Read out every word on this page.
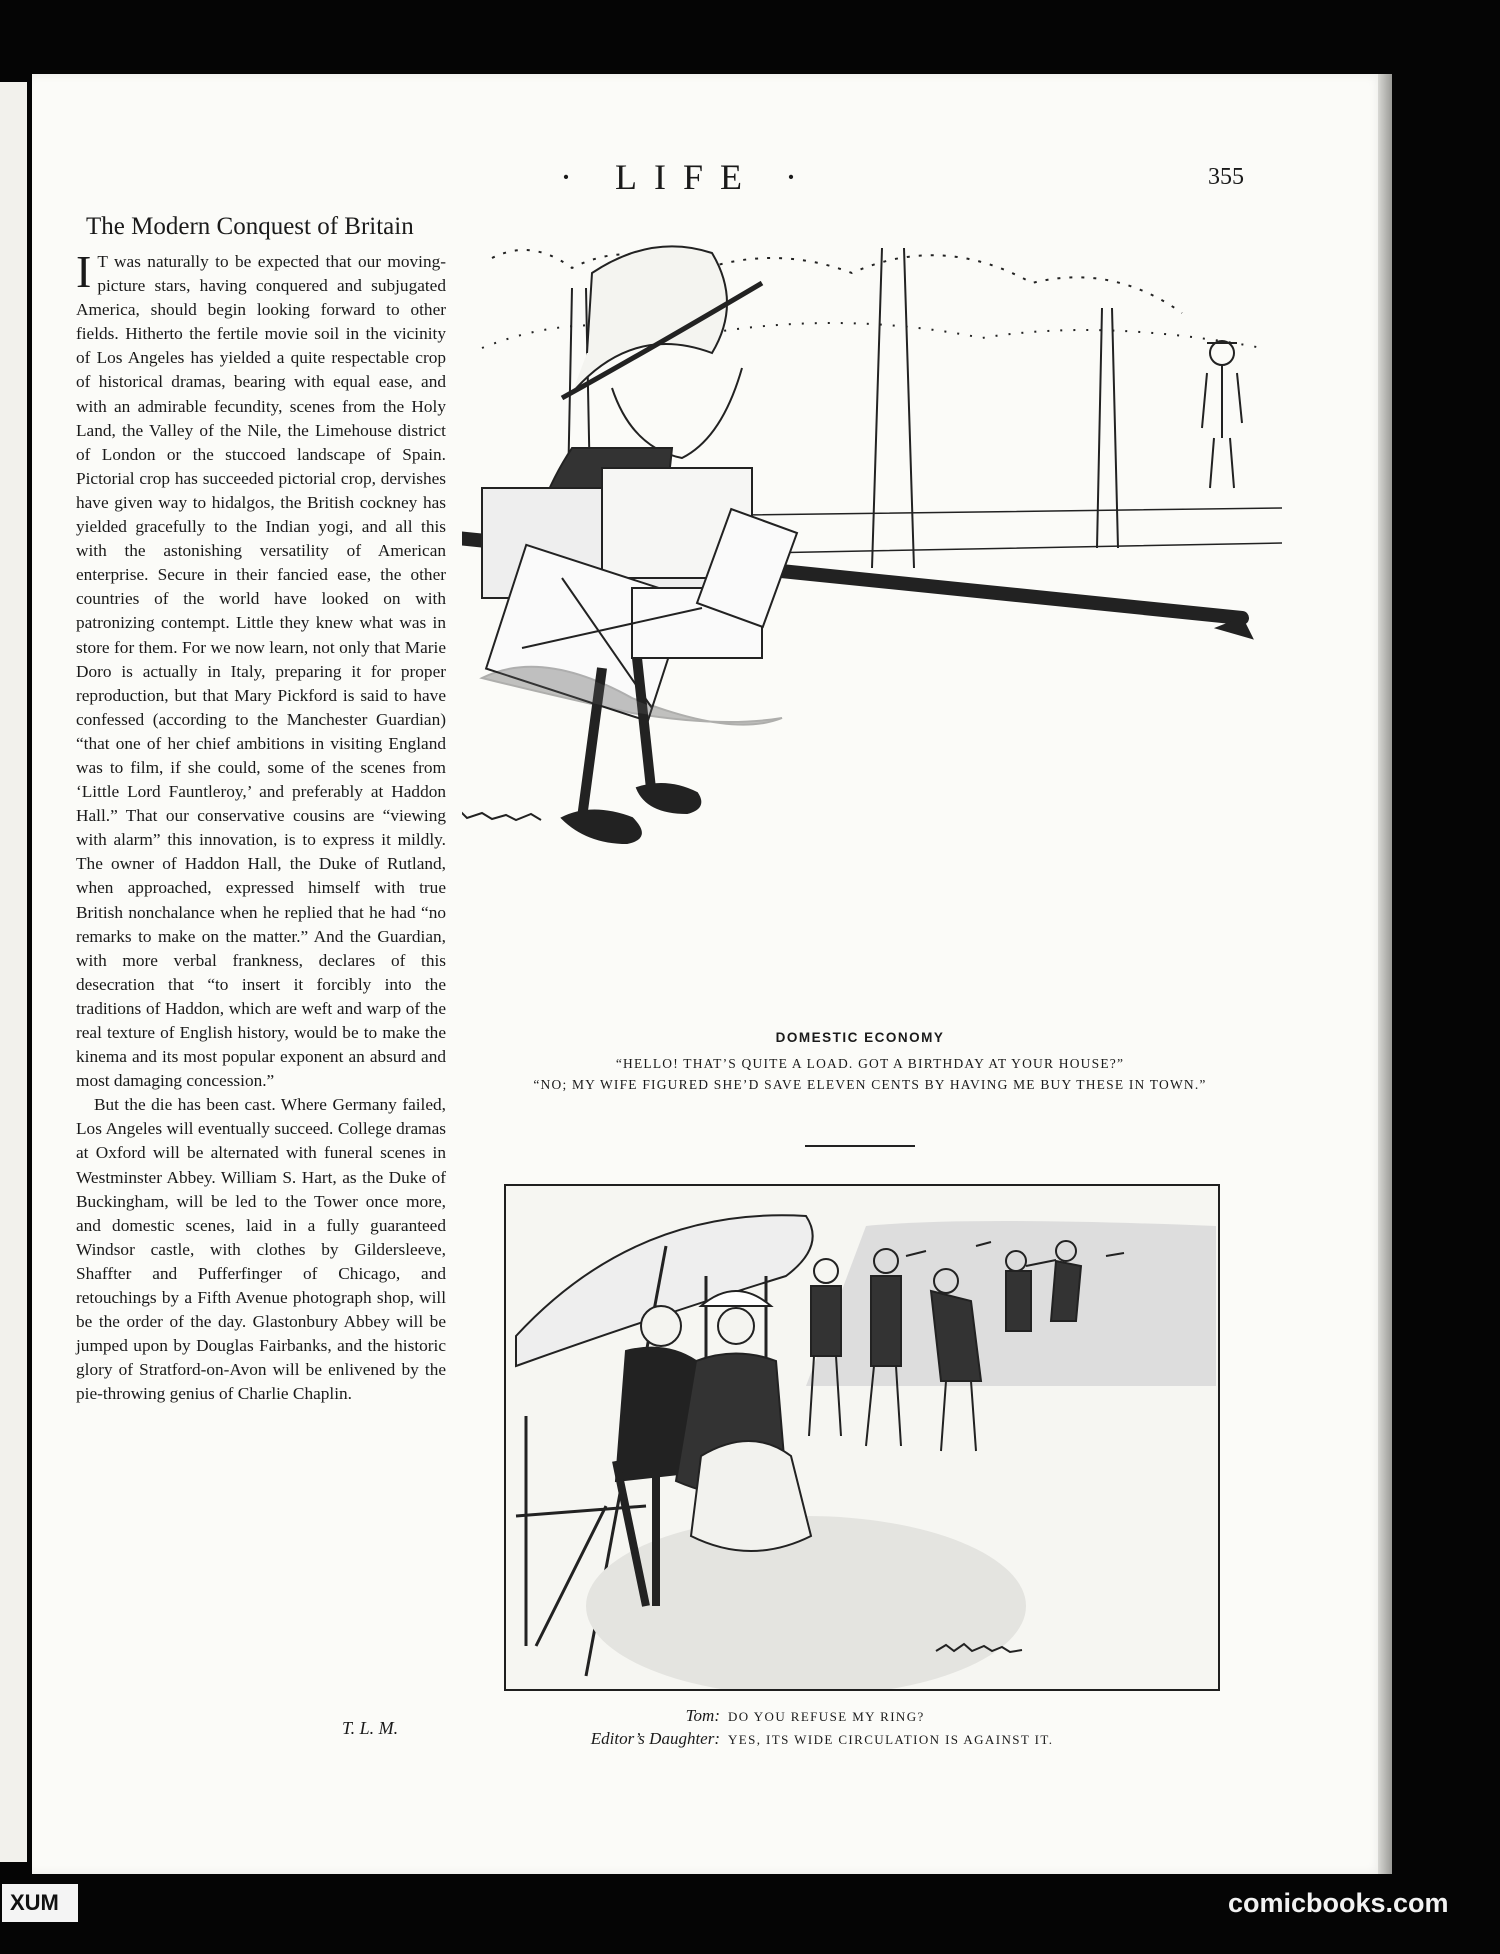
· LIFE ·	355
The Modern Conquest of Britain

I T was naturally to be expected that our moving-picture stars, having conquered and subjugated America, should begin looking forward to other fields. Hitherto the fertile movie soil in the vicinity of Los Angeles has yielded a quite respectable crop of historical dramas, bearing with equal ease, and with an admirable fecundity, scenes from the Holy Land, the Valley of the Nile, the Limehouse district of London or the stuccoed landscape of Spain. Pictorial crop has succeeded pictorial crop, dervishes have given way to hidalgos, the British cockney has yielded gracefully to the Indian yogi, and all this with the astonishing versatility of American enterprise. Secure in their fancied ease, the other countries of the world have looked on with patronizing contempt. Little they knew what was in store for them. For we now learn, not only that Marie Doro is actually in Italy, preparing it for proper reproduction, but that Mary Pickford is said to have confessed (according to the Manchester Guardian) “that one of her chief ambitions in visiting England was to film, if she could, some of the scenes from ‘Little Lord Fauntleroy,’ and preferably at Haddon Hall.” That our conservative cousins are “viewing with alarm” this innovation, is to express it mildly. The owner of Haddon Hall, the Duke of Rutland, when approached, expressed himself with true British nonchalance when he replied that he had “no remarks to make on the matter.” And the Guardian, with more verbal frankness, declares of this desecration that “to insert it forcibly into the traditions of Haddon, which are weft and warp of the real texture of English history, would be to make the kinema and its most popular exponent an absurd and most damaging concession.”

But the die has been cast. Where Germany failed, Los Angeles will eventually succeed. College dramas at Oxford will be alternated with funeral scenes in Westminster Abbey. William S. Hart, as the Duke of Buckingham, will be led to the Tower once more, and domestic scenes, laid in a fully guaranteed Windsor castle, with clothes by Gildersleeve, Shaffter and Pufferfinger of Chicago, and retouchings by a Fifth Avenue photograph shop, will be the order of the day. Glastonbury Abbey will be jumped upon by Douglas Fairbanks, and the historic glory of Stratford-on-Avon will be enlivened by the pie-throwing genius of Charlie Chaplin.

T. L. M.
DOMESTIC ECONOMY
“HELLO! THAT’S QUITE A LOAD. GOT A BIRTHDAY AT YOUR HOUSE?”
“NO; MY WIFE FIGURED SHE’D SAVE ELEVEN CENTS BY HAVING ME BUY THESE IN TOWN.”
Tom: DO YOU REFUSE MY RING?
Editor’s Daughter: YES, ITS WIDE CIRCULATION IS AGAINST IT.
XUM	comicbooks.com
